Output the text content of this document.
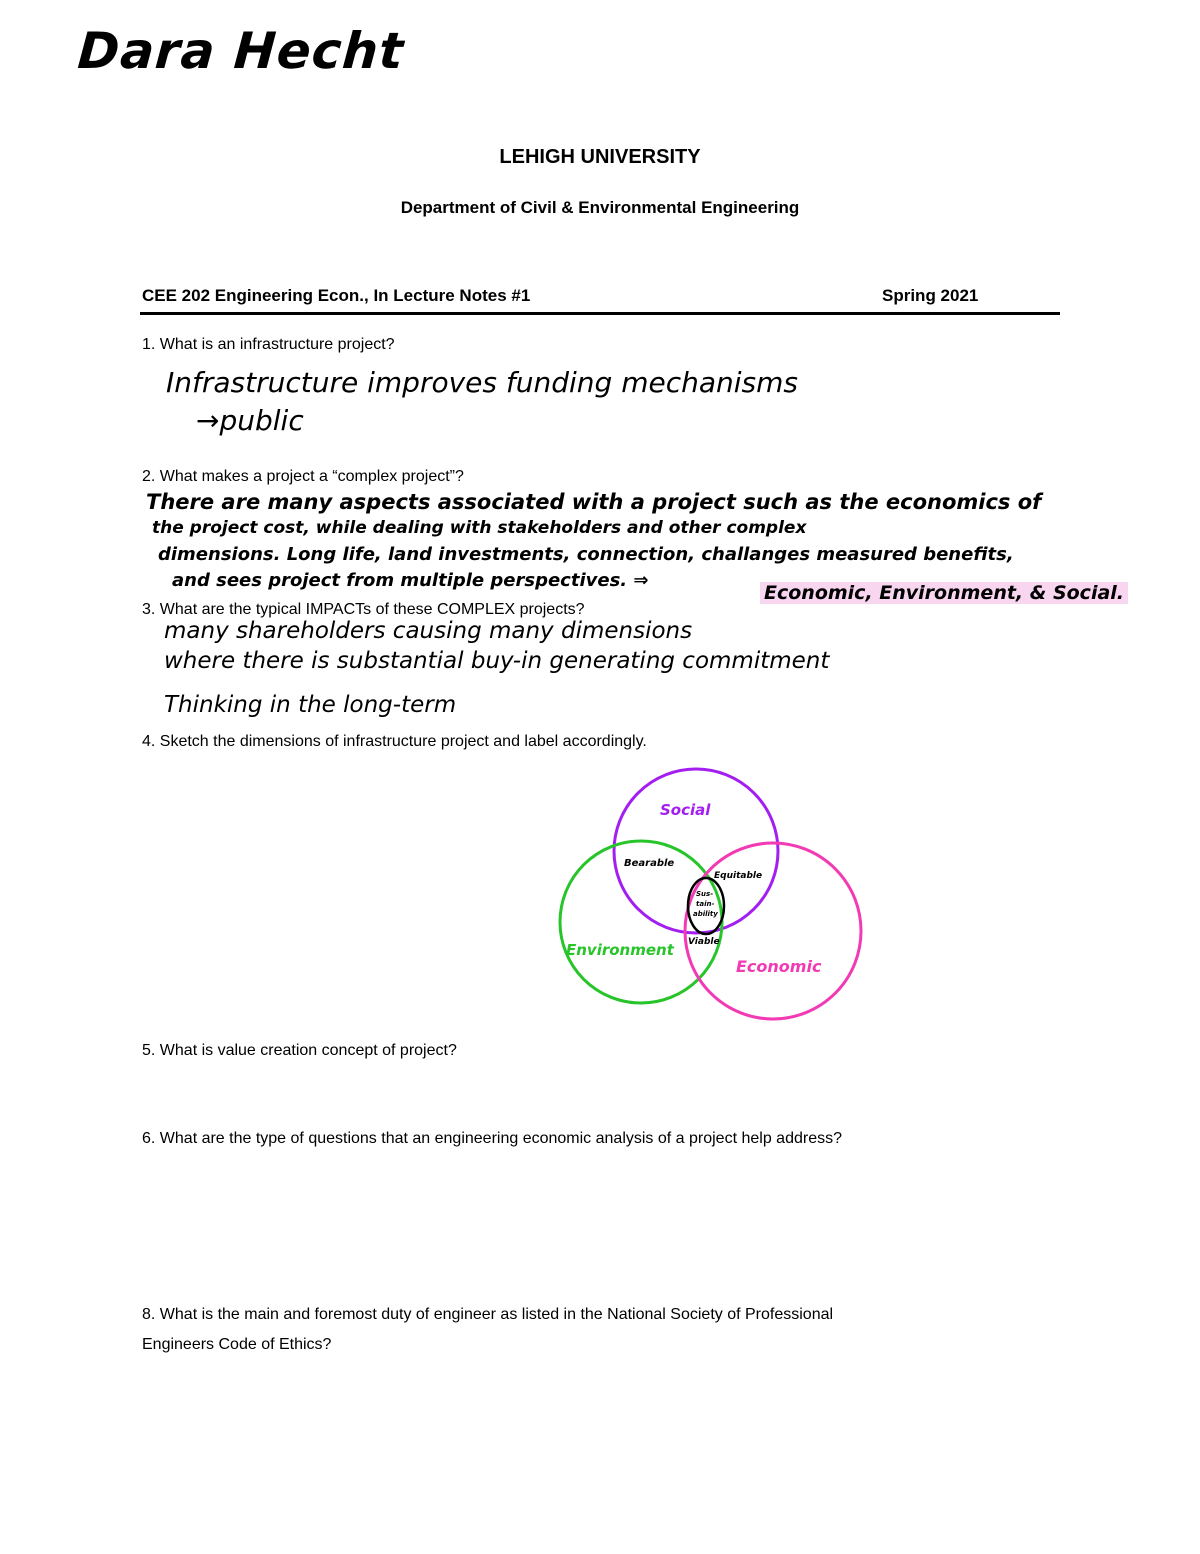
Dara Hecht
LEHIGH UNIVERSITY
Department of Civil & Environmental Engineering
CEE 202 Engineering Econ., In Lecture Notes #1	Spring 2021
1. What is an infrastructure project?
Infrastructure improves funding mechanisms
→public
2. What makes a project a “complex project”?
There are many aspects associated with a project such as the economics of
the project cost, while dealing with stakeholders and other complex
dimensions. Long life, land investments, connection, challanges measured benefits,
and sees project from multiple perspectives. ⇒
Economic, Environment, & Social.
3. What are the typical IMPACTs of these COMPLEX projects?
many shareholders causing many dimensions
where there is substantial buy-in generating commitment
Thinking in the long-term
4. Sketch the dimensions of infrastructure project and label accordingly.
Social
Environment
Economic
Bearable
Equitable
Viable
Sus-
tain-
ability
5. What is value creation concept of project?
6. What are the type of questions that an engineering economic analysis of a project help address?
8. What is the main and foremost duty of engineer as listed in the National Society of Professional
Engineers Code of Ethics?
